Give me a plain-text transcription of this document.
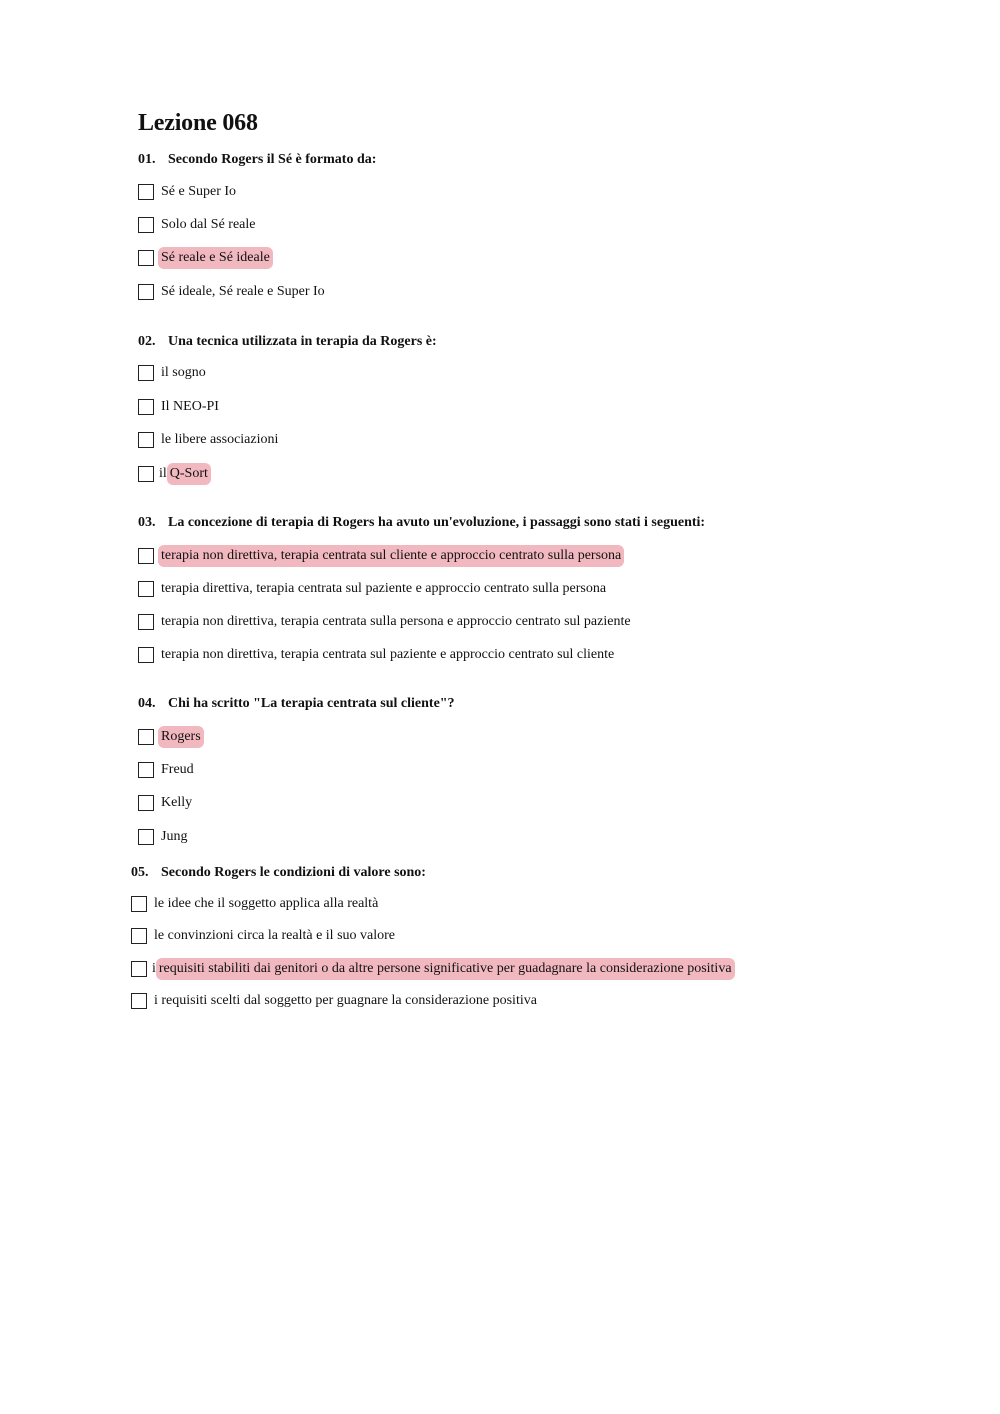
Lezione 068
01. Secondo Rogers il Sé è formato da:
Sé e Super Io
Solo dal Sé reale
Sé reale e Sé ideale
Sé ideale, Sé reale e Super Io
02. Una tecnica utilizzata in terapia da Rogers è:
il sogno
Il NEO-PI
le libere associazioni
il Q-Sort
03. La concezione di terapia di Rogers ha avuto un'evoluzione, i passaggi sono stati i seguenti:
terapia non direttiva, terapia centrata sul cliente e approccio centrato sulla persona
terapia direttiva, terapia centrata sul paziente e approccio centrato sulla persona
terapia non direttiva, terapia centrata sulla persona e approccio centrato sul paziente
terapia non direttiva, terapia centrata sul paziente e approccio centrato sul cliente
04. Chi ha scritto "La terapia centrata sul cliente"?
Rogers
Freud
Kelly
Jung
05. Secondo Rogers le condizioni di valore sono:
le idee che il soggetto applica alla realtà
le convinzioni circa la realtà e il suo valore
i requisiti stabiliti dai genitori o da altre persone significative per guadagnare la considerazione positiva
i requisiti scelti dal soggetto per guagnare la considerazione positiva
